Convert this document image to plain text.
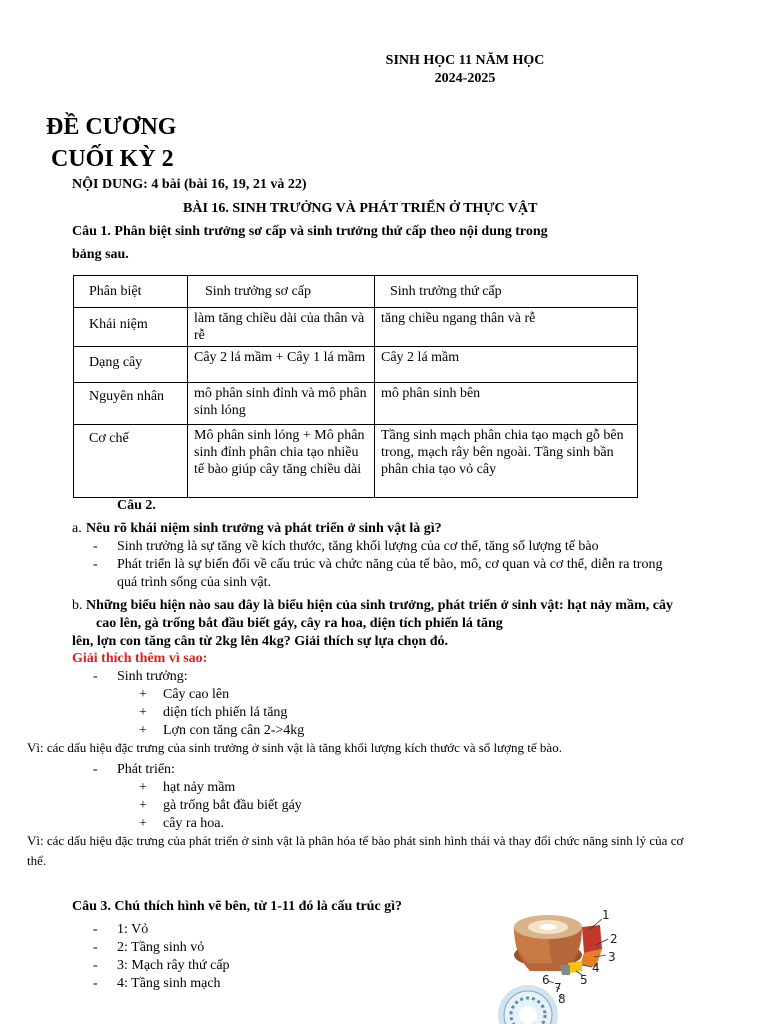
SINH HỌC 11 NĂM HỌC
2024-2025
ĐỀ CƯƠNG
CUỐI KỲ 2
NỘI DUNG: 4 bài (bài 16, 19, 21 và 22)
BÀI 16. SINH TRƯỞNG VÀ PHÁT TRIỂN Ở THỰC VẬT
Câu 1. Phân biệt sinh trưởng sơ cấp và sinh trưởng thứ cấp theo nội dung trong
bảng sau.
Phân biệt	Sinh trưởng sơ cấp	Sinh trưởng thứ cấp
Khái niệm	làm tăng chiều dài của thân và rễ	tăng chiều ngang thân và rễ
Dạng cây	Cây 2 lá mầm + Cây 1 lá mầm	Cây 2 lá mầm
Nguyên nhân	mô phân sinh đỉnh và mô phân sinh lóng	mô phân sinh bên
Cơ chế	Mô phân sinh lóng + Mô phân sinh đỉnh phân chia tạo nhiều tế bào giúp cây tăng chiều dài	Tầng sinh mạch phân chia tạo mạch gỗ bên trong, mạch rây bên ngoài. Tầng sinh bần phân chia tạo vỏ cây
Câu 2.
a. Nêu rõ khái niệm sinh trưởng và phát triển ở sinh vật là gì?
- Sinh trưởng là sự tăng về kích thước, tăng khối lượng của cơ thể, tăng số lượng tế bào
- Phát triển là sự biến đổi về cấu trúc và chức năng của tế bào, mô, cơ quan và cơ thể, diễn ra trong
quá trình sống của sinh vật.
b. Những biểu hiện nào sau đây là biểu hiện của sinh trưởng, phát triển ở sinh vật: hạt nảy mầm, cây
cao lên, gà trống bắt đầu biết gáy, cây ra hoa, diện tích phiến lá tăng
lên, lợn con tăng cân từ 2kg lên 4kg? Giải thích sự lựa chọn đó.
Giải thích thêm vì sao:
- Sinh trưởng:
+ Cây cao lên
+ diện tích phiến lá tăng
+ Lợn con tăng cân 2->4kg
Vì: các dấu hiệu đặc trưng của sinh trưởng ở sinh vật là tăng khối lượng kích thước và số lượng tế bào.
- Phát triển:
+ hạt nảy mầm
+ gà trống bắt đầu biết gáy
+ cây ra hoa.
Vì: các dấu hiệu đặc trưng của phát triển ở sinh vật là phân hóa tế bào phát sinh hình thái và thay đổi chức năng sinh lý của cơ
thể.
Câu 3. Chú thích hình vẽ bên, từ 1-11 đó là cấu trúc gì?
- 1: Vỏ
- 2: Tầng sinh vỏ
- 3: Mạch rây thứ cấp
- 4: Tầng sinh mạch
1
2
3
4
5
6
7
8
